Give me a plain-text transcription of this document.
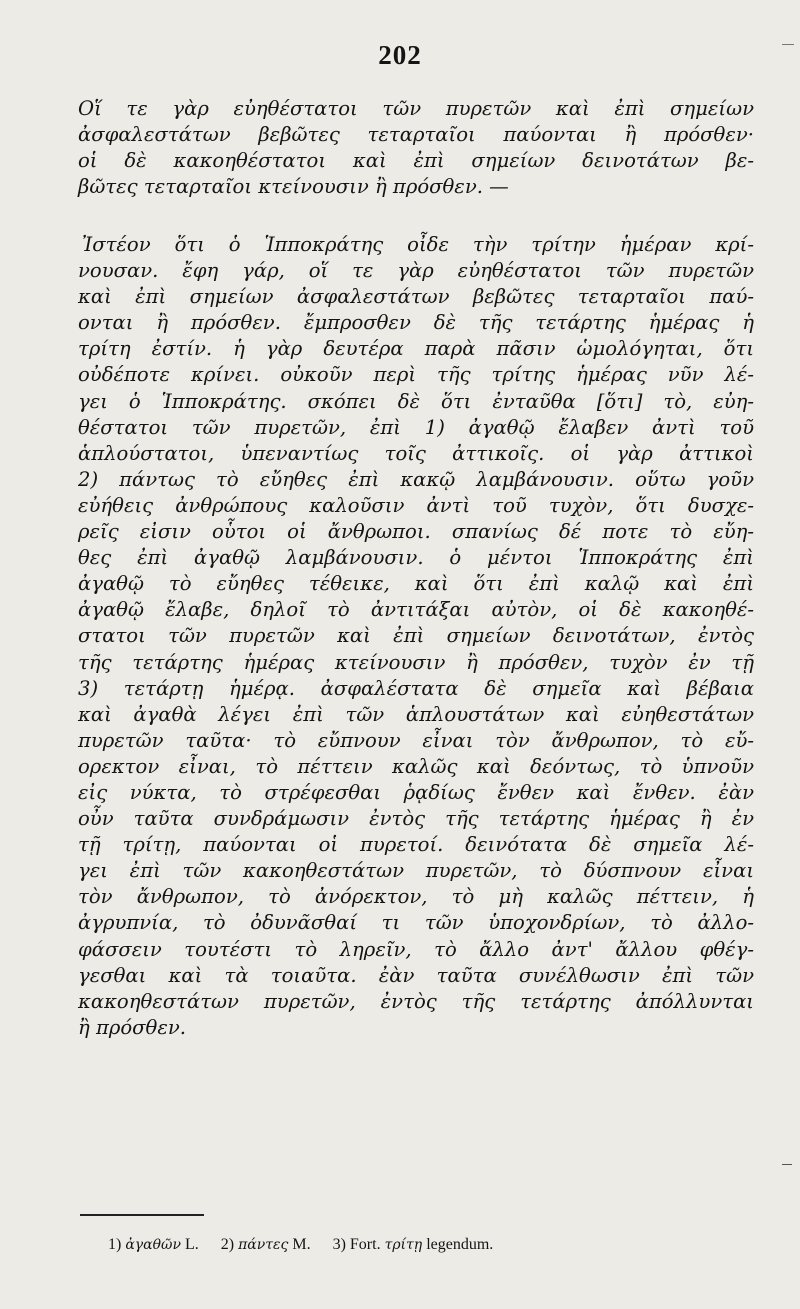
202
Οἵ τε γὰρ εὐηθέστατοι τῶν πυρετῶν καὶ ἐπὶ σημείων
ἀσφαλεστάτων βεβῶτες τεταρταῖοι παύονται ἢ πρόσθεν·
οἱ δὲ κακοηθέστατοι καὶ ἐπὶ σημείων δεινοτάτων βε-
βῶτες τεταρταῖοι κτείνουσιν ἢ πρόσθεν. —
Ἰστέον ὅτι ὁ Ἱπποκράτης οἶδε τὴν τρίτην ἡμέραν κρί-
νουσαν. ἔφη γάρ, οἵ τε γὰρ εὐηθέστατοι τῶν πυρετῶν
καὶ ἐπὶ σημείων ἀσφαλεστάτων βεβῶτες τεταρταῖοι παύ-
ονται ἢ πρόσθεν. ἔμπροσθεν δὲ τῆς τετάρτης ἡμέρας ἡ
τρίτη ἐστίν. ἡ γὰρ δευτέρα παρὰ πᾶσιν ὡμολόγηται, ὅτι
οὐδέποτε κρίνει. οὐκοῦν περὶ τῆς τρίτης ἡμέρας νῦν λέ-
γει ὁ Ἱπποκράτης. σκόπει δὲ ὅτι ἐνταῦθα [ὅτι] τὸ, εὐη-
θέστατοι τῶν πυρετῶν, ἐπὶ 1) ἀγαθῷ ἔλαβεν ἀντὶ τοῦ
ἁπλούστατοι, ὑπεναντίως τοῖς ἀττικοῖς. οἱ γὰρ ἀττικοὶ
2) πάντως τὸ εὔηθες ἐπὶ κακῷ λαμβάνουσιν. οὕτω γοῦν
εὐήθεις ἀνθρώπους καλοῦσιν ἀντὶ τοῦ τυχὸν, ὅτι δυσχε-
ρεῖς εἰσιν οὗτοι οἱ ἄνθρωποι. σπανίως δέ ποτε τὸ εὔη-
θες ἐπὶ ἀγαθῷ λαμβάνουσιν. ὁ μέντοι Ἱπποκράτης ἐπὶ
ἀγαθῷ τὸ εὔηθες τέθεικε, καὶ ὅτι ἐπὶ καλῷ καὶ ἐπὶ
ἀγαθῷ ἔλαβε, δηλοῖ τὸ ἀντιτάξαι αὐτὸν, οἱ δὲ κακοηθέ-
στατοι τῶν πυρετῶν καὶ ἐπὶ σημείων δεινοτάτων, ἐντὸς
τῆς τετάρτης ἡμέρας κτείνουσιν ἢ πρόσθεν, τυχὸν ἐν τῇ
3) τετάρτῃ ἡμέρᾳ. ἀσφαλέστατα δὲ σημεῖα καὶ βέβαια
καὶ ἀγαθὰ λέγει ἐπὶ τῶν ἁπλουστάτων καὶ εὐηθεστάτων
πυρετῶν ταῦτα· τὸ εὔπνουν εἶναι τὸν ἄνθρωπον, τὸ εὔ-
ορεκτον εἶναι, τὸ πέττειν καλῶς καὶ δεόντως, τὸ ὑπνοῦν
εἰς νύκτα, τὸ στρέφεσθαι ῥᾳδίως ἔνθεν καὶ ἔνθεν. ἐὰν
οὖν ταῦτα συνδράμωσιν ἐντὸς τῆς τετάρτης ἡμέρας ἢ ἐν
τῇ τρίτῃ, παύονται οἱ πυρετοί. δεινότατα δὲ σημεῖα λέ-
γει ἐπὶ τῶν κακοηθεστάτων πυρετῶν, τὸ δύσπνουν εἶναι
τὸν ἄνθρωπον, τὸ ἀνόρεκτον, τὸ μὴ καλῶς πέττειν, ἡ
ἀγρυπνία, τὸ ὀδυνᾶσθαί τι τῶν ὑποχονδρίων, τὸ ἀλλο-
φάσσειν τουτέστι τὸ ληρεῖν, τὸ ἄλλο ἀντ' ἄλλου φθέγ-
γεσθαι καὶ τὰ τοιαῦτα. ἐὰν ταῦτα συνέλθωσιν ἐπὶ τῶν
κακοηθεστάτων πυρετῶν, ἐντὸς τῆς τετάρτης ἀπόλλυνται
ἢ πρόσθεν.
1) ἀγαθῶν L. 2) πάντες M. 3) Fort. τρίτῃ legendum.
